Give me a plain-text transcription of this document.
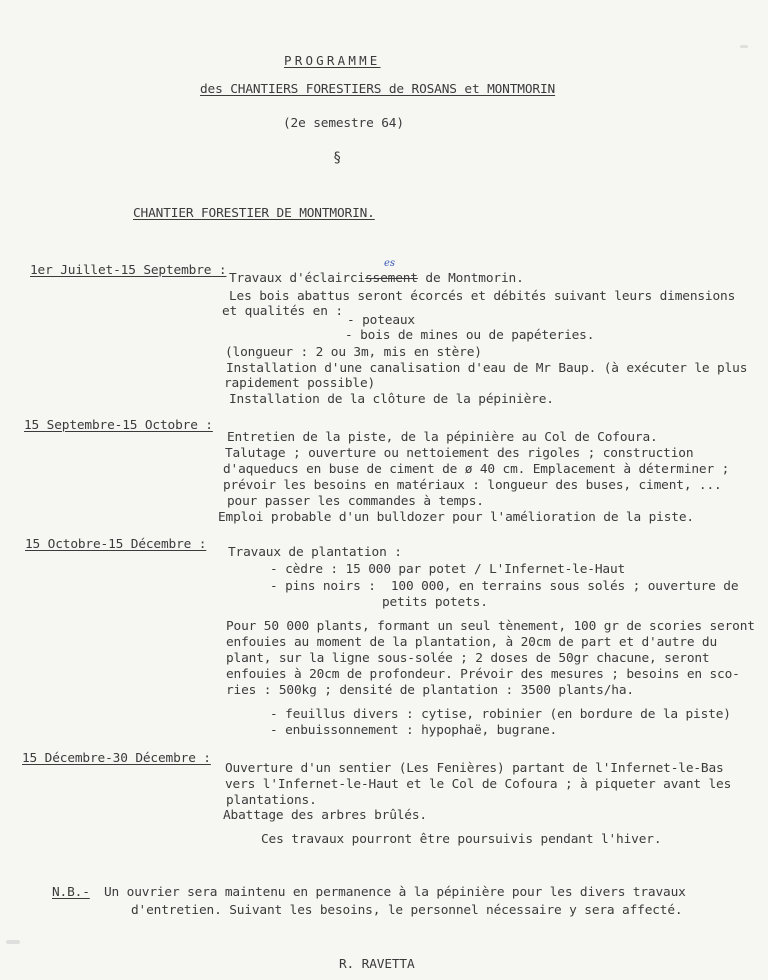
PROGRAMME

des CHANTIERS FORESTIERS de ROSANS et MONTMORIN

(2e semestre 64)

§

CHANTIER FORESTIER DE MONTMORIN.

1er Juillet-15 Septembre :	es

Travaux d'éclaircissement de Montmorin.

Les bois abattus seront écorcés et débités suivant leurs dimensions

et qualités en :

- poteaux

- bois de mines ou de papéteries.

(longueur : 2 ou 3m, mis en stère)

Installation d'une canalisation d'eau de Mr Baup. (à exécuter le plus

rapidement possible)

Installation de la clôture de la pépinière.

15 Septembre-15 Octobre :

Entretien de la piste, de la pépinière au Col de Cofoura.

Talutage ; ouverture ou nettoiement des rigoles ; construction

d'aqueducs en buse de ciment de ø 40 cm. Emplacement à déterminer ;

prévoir les besoins en matériaux : longueur des buses, ciment, ...

pour passer les commandes à temps.

Emploi probable d'un bulldozer pour l'amélioration de la piste.

15 Octobre-15 Décembre :

Travaux de plantation :

- cèdre : 15 000 par potet / L'Infernet-le-Haut

- pins noirs :  100 000, en terrains sous solés ; ouverture de

petits potets.

Pour 50 000 plants, formant un seul tènement, 100 gr de scories seront

enfouies au moment de la plantation, à 20cm de part et d'autre du

plant, sur la ligne sous-solée ; 2 doses de 50gr chacune, seront

enfouies à 20cm de profondeur. Prévoir des mesures ; besoins en sco-

ries : 500kg ; densité de plantation : 3500 plants/ha.

- feuillus divers : cytise, robinier (en bordure de la piste)

- enbuissonnement : hypophaë, bugrane.

15 Décembre-30 Décembre :

Ouverture d'un sentier (Les Fenières) partant de l'Infernet-le-Bas

vers l'Infernet-le-Haut et le Col de Cofoura ; à piqueter avant les

plantations.

Abattage des arbres brûlés.

Ces travaux pourront être poursuivis pendant l'hiver.

N.B.- Un ouvrier sera maintenu en permanence à la pépinière pour les divers travaux

d'entretien. Suivant les besoins, le personnel nécessaire y sera affecté.

R. RAVETTA
